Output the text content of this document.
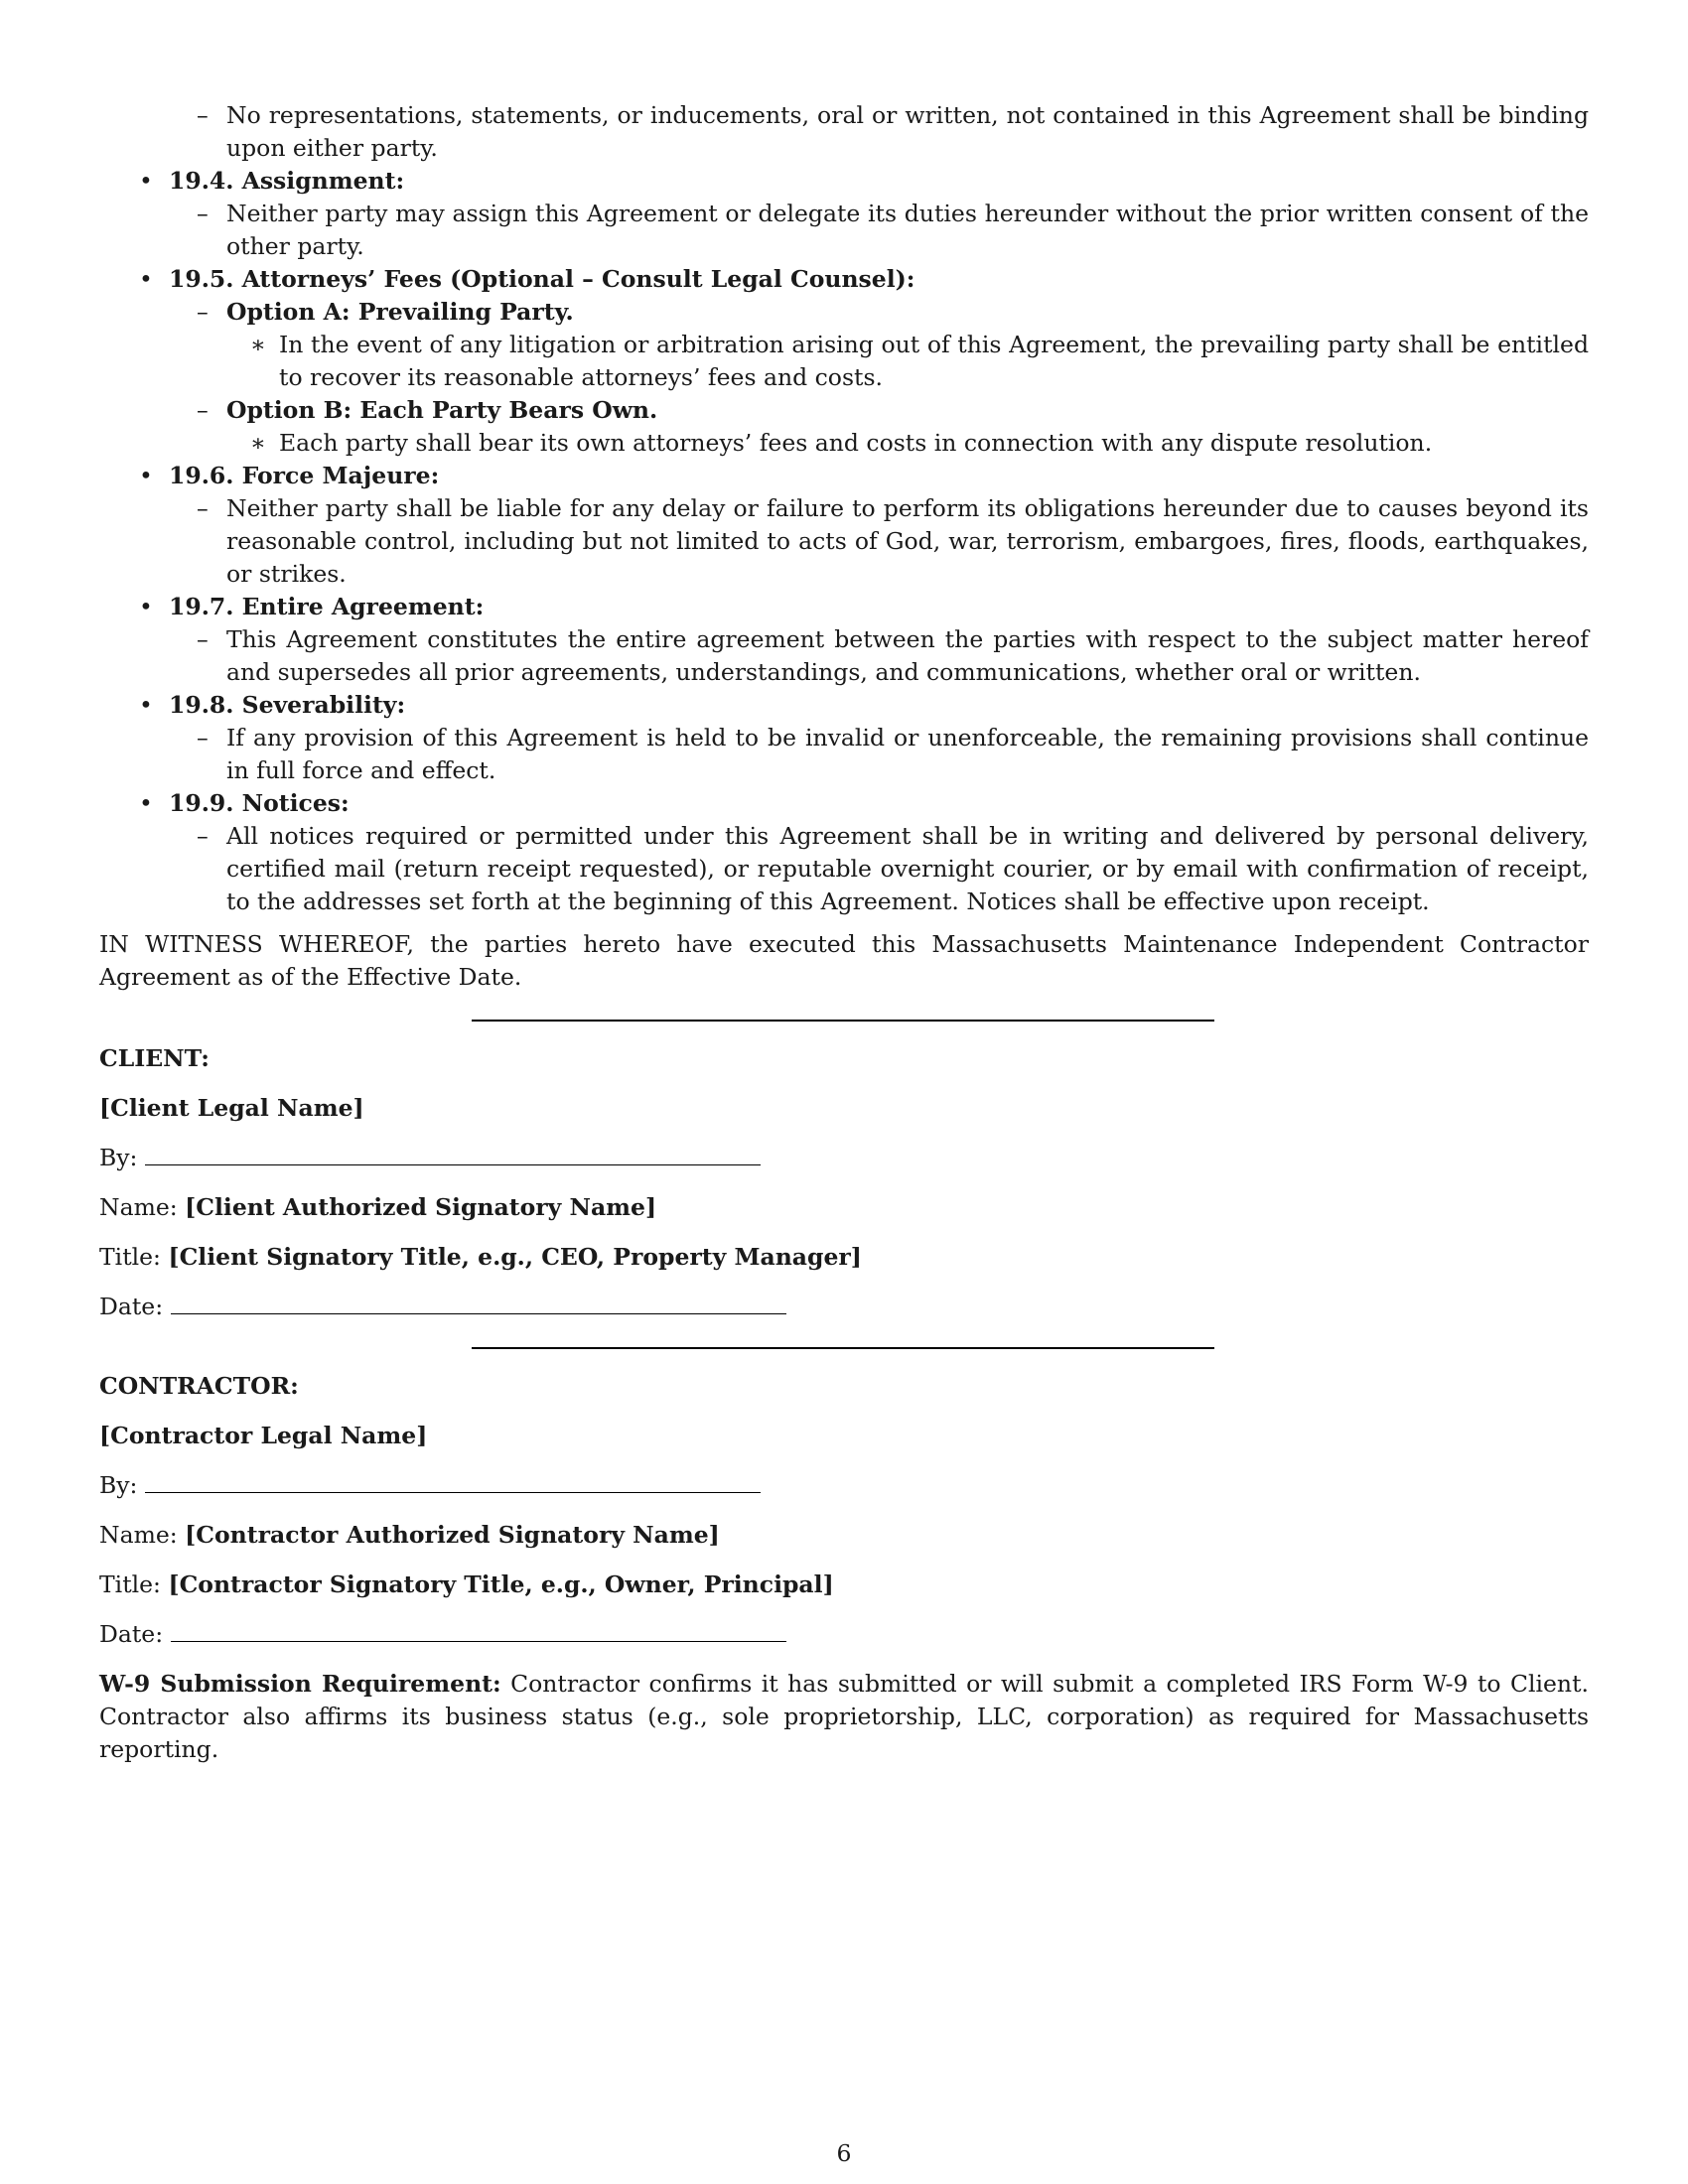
– No representations, statements, or inducements, oral or written, not contained in this Agreement shall be binding upon either party.
• 19.4. Assignment:
– Neither party may assign this Agreement or delegate its duties hereunder without the prior written consent of the other party.
• 19.5. Attorneys’ Fees (Optional – Consult Legal Counsel):
– Option A: Prevailing Party.
∗ In the event of any litigation or arbitration arising out of this Agreement, the prevailing party shall be entitled to recover its reasonable attorneys’ fees and costs.
– Option B: Each Party Bears Own.
∗ Each party shall bear its own attorneys’ fees and costs in connection with any dispute resolution.
• 19.6. Force Majeure:
– Neither party shall be liable for any delay or failure to perform its obligations hereunder due to causes beyond its reasonable control, including but not limited to acts of God, war, terrorism, embargoes, fires, floods, earthquakes, or strikes.
• 19.7. Entire Agreement:
– This Agreement constitutes the entire agreement between the parties with respect to the subject matter hereof and supersedes all prior agreements, understandings, and communications, whether oral or written.
• 19.8. Severability:
– If any provision of this Agreement is held to be invalid or unenforceable, the remaining provisions shall continue in full force and effect.
• 19.9. Notices:
– All notices required or permitted under this Agreement shall be in writing and delivered by personal delivery, certified mail (return receipt requested), or reputable overnight courier, or by email with confirmation of receipt, to the addresses set forth at the beginning of this Agreement. Notices shall be effective upon receipt.
IN WITNESS WHEREOF, the parties hereto have executed this Massachusetts Maintenance Independent Contractor Agreement as of the Effective Date.
CLIENT:
[Client Legal Name]
By:
Name: [Client Authorized Signatory Name]
Title: [Client Signatory Title, e.g., CEO, Property Manager]
Date:
CONTRACTOR:
[Contractor Legal Name]
By:
Name: [Contractor Authorized Signatory Name]
Title: [Contractor Signatory Title, e.g., Owner, Principal]
Date:
W-9 Submission Requirement: Contractor confirms it has submitted or will submit a completed IRS Form W-9 to Client. Contractor also affirms its business status (e.g., sole proprietorship, LLC, corporation) as required for Massachusetts reporting.
6
